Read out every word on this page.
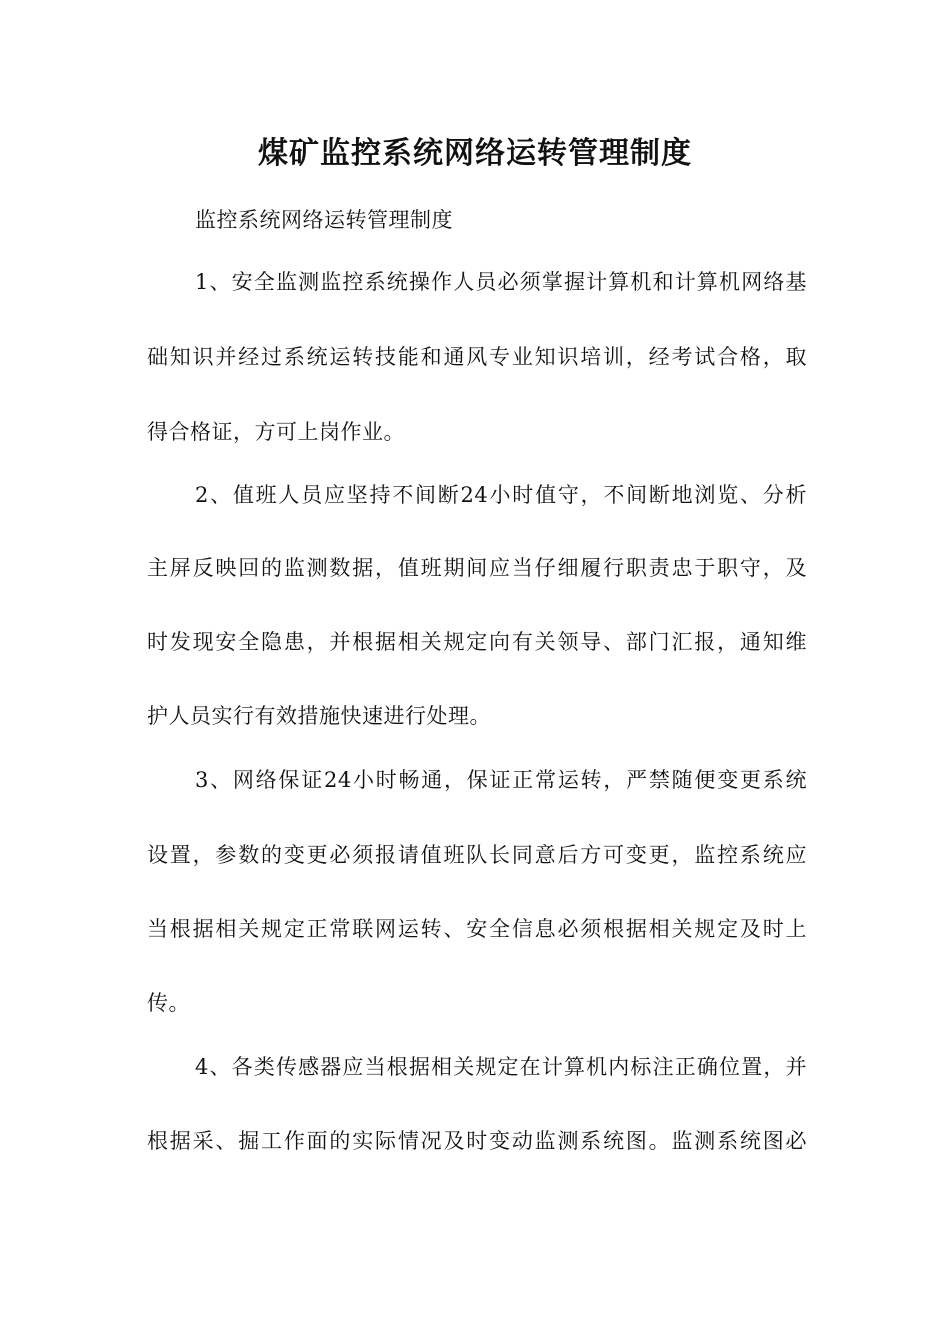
煤矿监控系统网络运转管理制度
监控系统网络运转管理制度
1、安全监测监控系统操作人员必须掌握计算机和计算机网络基
础知识并经过系统运转技能和通风专业知识培训，经考试合格，取
得合格证，方可上岗作业。
2、值班人员应坚持不间断24小时值守，不间断地浏览、分析
主屏反映回的监测数据，值班期间应当仔细履行职责忠于职守，及
时发现安全隐患，并根据相关规定向有关领导、部门汇报，通知维
护人员实行有效措施快速进行处理。
3、网络保证24小时畅通，保证正常运转，严禁随便变更系统
设置，参数的变更必须报请值班队长同意后方可变更，监控系统应
当根据相关规定正常联网运转、安全信息必须根据相关规定及时上
传。
4、各类传感器应当根据相关规定在计算机内标注正确位置，并
根据采、掘工作面的实际情况及时变动监测系统图。监测系统图必
